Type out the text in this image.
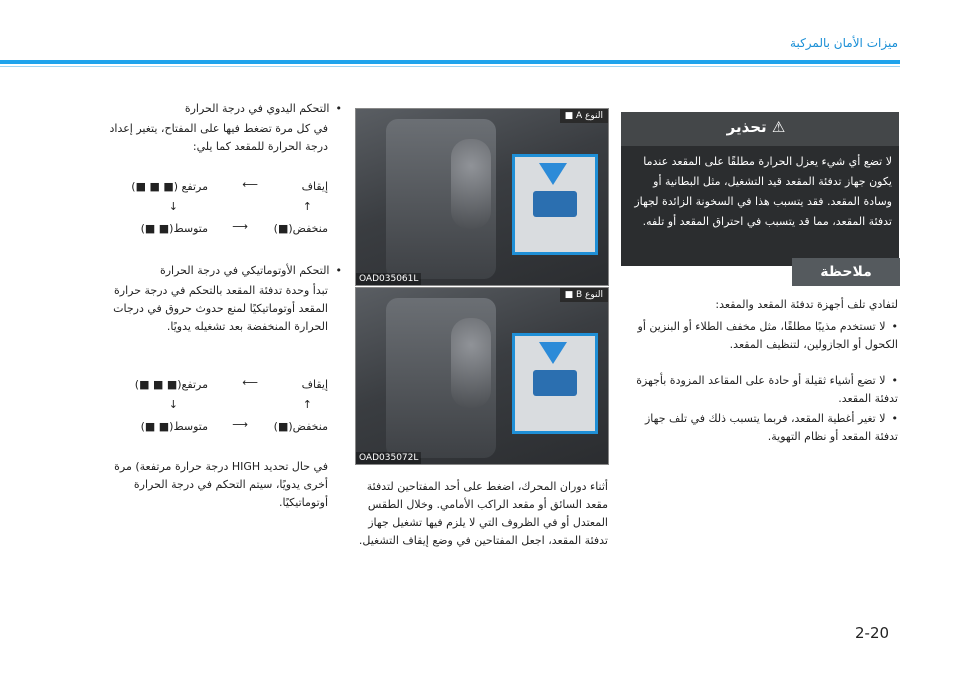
ميزات الأمان بالمركبة
• التحكم اليدوي في درجة الحرارة
في كل مرة تضغط فيها على المفتاح، يتغير إعداد درجة الحرارة للمقعد كما يلي:
إيقاف
⟵
مرتفع (■ ■ ■)
↑
↓
منخفض(■)
⟶
متوسط(■ ■)
• التحكم الأوتوماتيكي في درجة الحرارة
تبدأ وحدة تدفئة المقعد بالتحكم في درجة حرارة المقعد أوتوماتيكيًا لمنع حدوث حروق في درجات الحرارة المنخفضة بعد تشغيله يدويًا.
إيقاف
⟵
مرتفع(■ ■ ■)
↑
↓
منخفض(■)
⟶
متوسط(■ ■)
في حال تحديد HIGH درجة حرارة مرتفعة) مرة أخرى يدويًا، سيتم التحكم في درجة الحرارة أوتوماتيكيًا.
النوع A ■
OAD035061L
النوع B ■
OAD035072L
أثناء دوران المحرك، اضغط على أحد المفتاحين لتدفئة مقعد السائق أو مقعد الراكب الأمامي. وخلال الطقس المعتدل أو في الظروف التي لا يلزم فيها تشغيل جهاز تدفئة المقعد، اجعل المفتاحين في وضع إيقاف التشغيل.
⚠ تحذير
لا تضع أي شيء يعزل الحرارة مطلقًا على المقعد عندما يكون جهاز تدفئة المقعد قيد التشغيل، مثل البطانية أو وسادة المقعد. فقد يتسبب هذا في السخونة الزائدة لجهاز تدفئة المقعد، مما قد يتسبب في احتراق المقعد أو تلفه.
ملاحظة
لتفادي تلف أجهزة تدفئة المقعد والمقعد:
• لا تستخدم مذيبًا مطلقًا، مثل مخفف الطلاء أو البنزين أو الكحول أو الجازولين، لتنظيف المقعد.
• لا تضع أشياء ثقيلة أو حادة على المقاعد المزودة بأجهزة تدفئة المقعد.
• لا تغير أغطية المقعد، فربما يتسبب ذلك في تلف جهاز تدفئة المقعد أو نظام التهوية.
2-20
